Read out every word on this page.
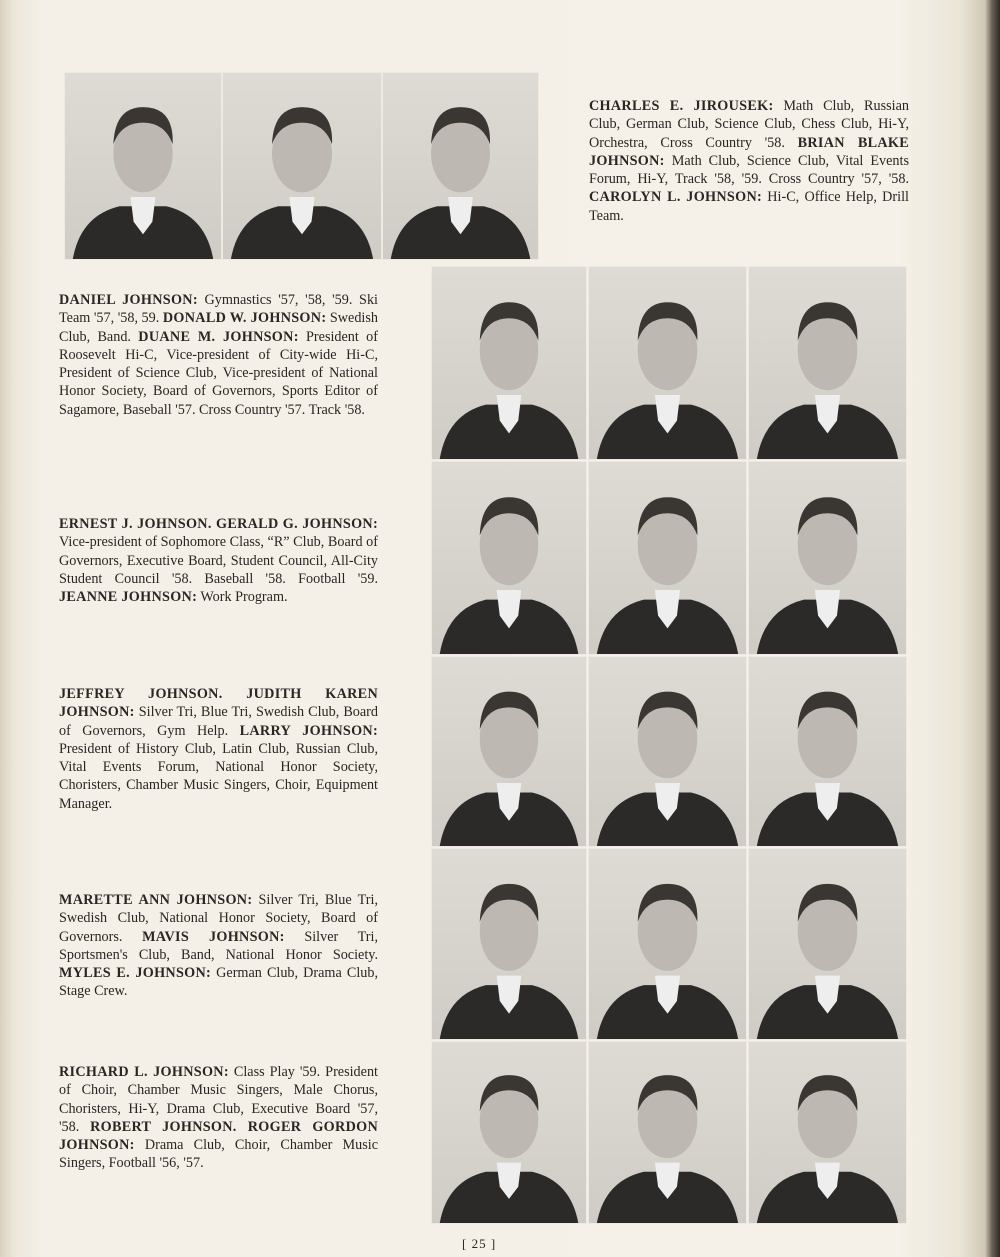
CHARLES E. JIROUSEK: Math Club, Russian Club, German Club, Science Club, Chess Club, Hi-Y, Orchestra, Cross Country '58. BRIAN BLAKE JOHNSON: Math Club, Science Club, Vital Events Forum, Hi-Y, Track '58, '59. Cross Country '57, '58. CAROLYN L. JOHNSON: Hi-C, Office Help, Drill Team.
DANIEL JOHNSON: Gymnastics '57, '58, '59. Ski Team '57, '58, 59. DONALD W. JOHNSON: Swedish Club, Band. DUANE M. JOHNSON: President of Roosevelt Hi-C, Vice-president of City-wide Hi-C, President of Science Club, Vice-president of National Honor Society, Board of Governors, Sports Editor of Sagamore, Baseball '57. Cross Country '57. Track '58.
ERNEST J. JOHNSON. GERALD G. JOHNSON: Vice-president of Sophomore Class, “R” Club, Board of Governors, Executive Board, Student Council, All-City Student Council '58. Baseball '58. Football '59. JEANNE JOHNSON: Work Program.
JEFFREY JOHNSON. JUDITH KAREN JOHNSON: Silver Tri, Blue Tri, Swedish Club, Board of Governors, Gym Help. LARRY JOHNSON: President of History Club, Latin Club, Russian Club, Vital Events Forum, National Honor Society, Choristers, Chamber Music Singers, Choir, Equipment Manager.
MARETTE ANN JOHNSON: Silver Tri, Blue Tri, Swedish Club, National Honor Society, Board of Governors. MAVIS JOHNSON: Silver Tri, Sportsmen's Club, Band, National Honor Society. MYLES E. JOHNSON: German Club, Drama Club, Stage Crew.
RICHARD L. JOHNSON: Class Play '59. President of Choir, Chamber Music Singers, Male Chorus, Choristers, Hi-Y, Drama Club, Executive Board '57, '58. ROBERT JOHNSON. ROGER GORDON JOHNSON: Drama Club, Choir, Chamber Music Singers, Football '56, '57.
[ 25 ]
